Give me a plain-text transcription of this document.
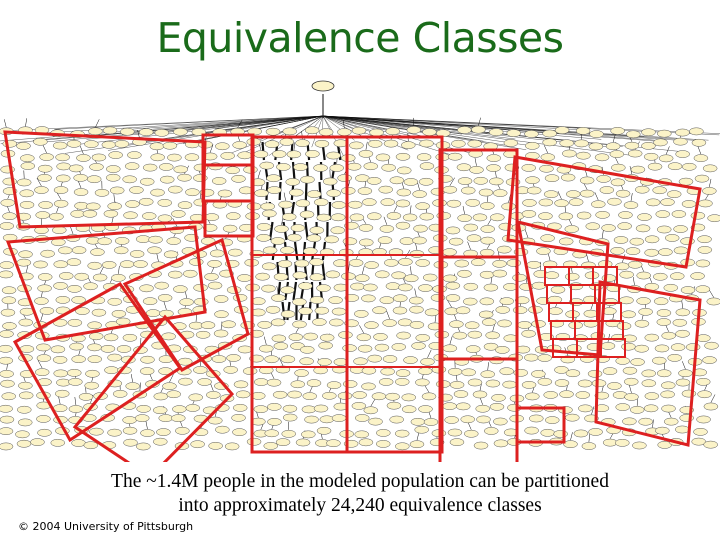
Equivalence Classes
The ~1.4M people in the modeled population can be partitioned
into approximately 24,240 equivalence classes
© 2004 University of Pittsburgh
